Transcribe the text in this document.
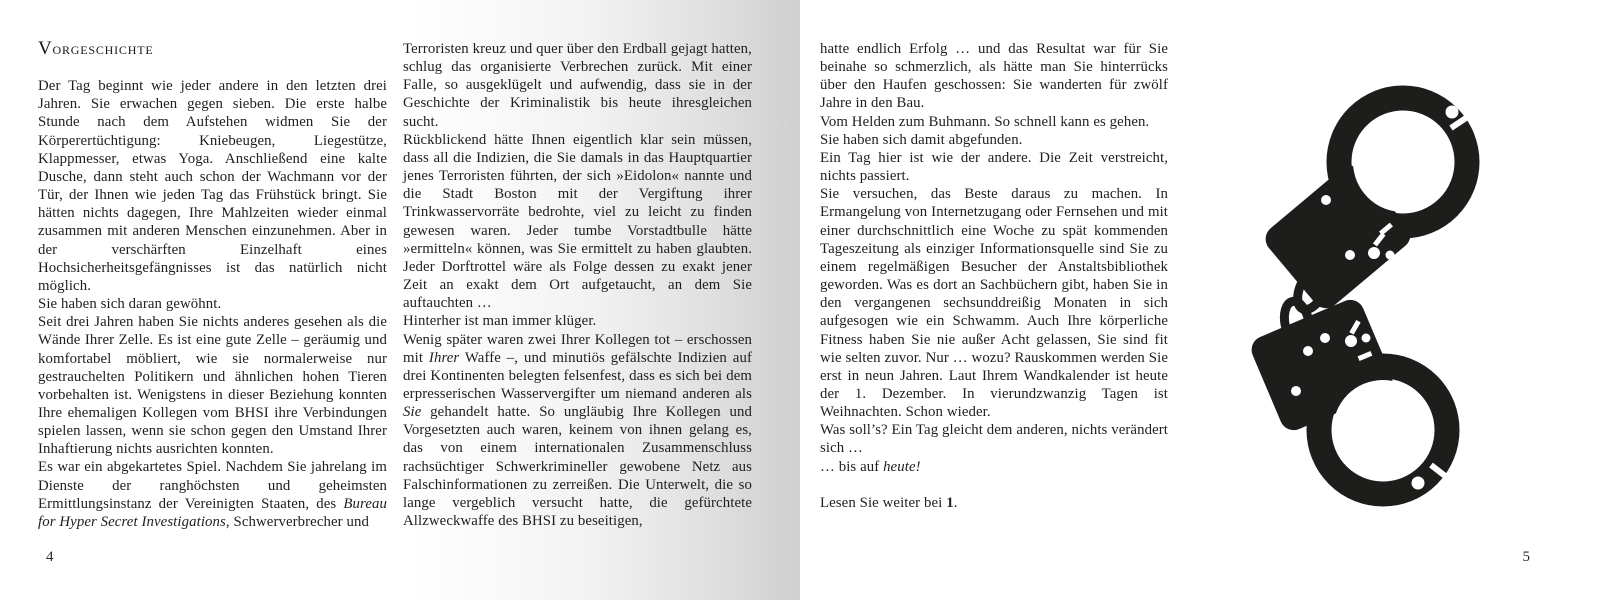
Vorgeschichte

Der Tag beginnt wie jeder andere in den letzten drei Jahren. Sie erwachen gegen sieben. Die erste halbe Stunde nach dem Aufstehen widmen Sie der Körperertüchtigung: Kniebeugen, Liegestütze, Klappmesser, etwas Yoga. Anschließend eine kalte Dusche, dann steht auch schon der Wachmann vor der Tür, der Ihnen wie jeden Tag das Frühstück bringt. Sie hätten nichts dagegen, Ihre Mahlzeiten wieder einmal zusammen mit anderen Menschen einzunehmen. Aber in der verschärften Einzelhaft eines Hochsicherheitsgefängnisses ist das natürlich nicht möglich.

Sie haben sich daran gewöhnt.

Seit drei Jahren haben Sie nichts anderes gesehen als die Wände Ihrer Zelle. Es ist eine gute Zelle – geräumig und komfortabel möbliert, wie sie normalerweise nur gestrauchelten Politikern und ähnlichen hohen Tieren vorbehalten ist. Wenigstens in dieser Beziehung konnten Ihre ehemaligen Kollegen vom BHSI ihre Verbindungen spielen lassen, wenn sie schon gegen den Umstand Ihrer Inhaftierung nichts ausrichten konnten.

Es war ein abgekartetes Spiel. Nachdem Sie jahrelang im Dienste der ranghöchsten und geheimsten Ermittlungsinstanz der Vereinigten Staaten, des Bureau for Hyper Secret Investigations, Schwerverbrecher und

Terroristen kreuz und quer über den Erdball gejagt hatten, schlug das organisierte Verbrechen zurück. Mit einer Falle, so ausgeklügelt und aufwendig, dass sie in der Geschichte der Kriminalistik bis heute ihresgleichen sucht.

Rückblickend hätte Ihnen eigentlich klar sein müssen, dass all die Indizien, die Sie damals in das Hauptquartier jenes Terroristen führten, der sich »Eidolon« nannte und die Stadt Boston mit der Vergiftung ihrer Trinkwasservorräte bedrohte, viel zu leicht zu finden gewesen waren. Jeder tumbe Vorstadtbulle hätte »ermitteln« können, was Sie ermittelt zu haben glaubten. Jeder Dorftrottel wäre als Folge dessen zu exakt jener Zeit an exakt dem Ort aufgetaucht, an dem Sie auftauchten …

Hinterher ist man immer klüger.

Wenig später waren zwei Ihrer Kollegen tot – erschossen mit Ihrer Waffe –, und minutiös gefälschte Indizien auf drei Kontinenten belegten felsenfest, dass es sich bei dem erpresserischen Wasservergifter um niemand anderen als Sie gehandelt hatte. So ungläubig Ihre Kollegen und Vorgesetzten auch waren, keinem von ihnen gelang es, das von einem internationalen Zusammenschluss rachsüchtiger Schwerkrimineller gewobene Netz aus Falschinformationen zu zerreißen. Die Unterwelt, die so lange vergeblich versucht hatte, die gefürchtete Allzweckwaffe des BHSI zu beseitigen,

4

hatte endlich Erfolg … und das Resultat war für Sie beinahe so schmerzlich, als hätte man Sie hinterrücks über den Haufen geschossen: Sie wanderten für zwölf Jahre in den Bau.

Vom Helden zum Buhmann. So schnell kann es gehen.

Sie haben sich damit abgefunden.

Ein Tag hier ist wie der andere. Die Zeit verstreicht, nichts passiert.

Sie versuchen, das Beste daraus zu machen. In Ermangelung von Internetzugang oder Fernsehen und mit einer durchschnittlich eine Woche zu spät kommenden Tageszeitung als einziger Informationsquelle sind Sie zu einem regelmäßigen Besucher der Anstaltsbibliothek geworden. Was es dort an Sachbüchern gibt, haben Sie in den vergangenen sechsunddreißig Monaten in sich aufgesogen wie ein Schwamm. Auch Ihre körperliche Fitness haben Sie nie außer Acht gelassen, Sie sind fit wie selten zuvor. Nur … wozu? Rauskommen werden Sie erst in neun Jahren. Laut Ihrem Wandkalender ist heute der 1. Dezember. In vierundzwanzig Tagen ist Weihnachten. Schon wieder.

Was soll’s? Ein Tag gleicht dem anderen, nichts verändert sich …

… bis auf heute!

Lesen Sie weiter bei 1.

5
